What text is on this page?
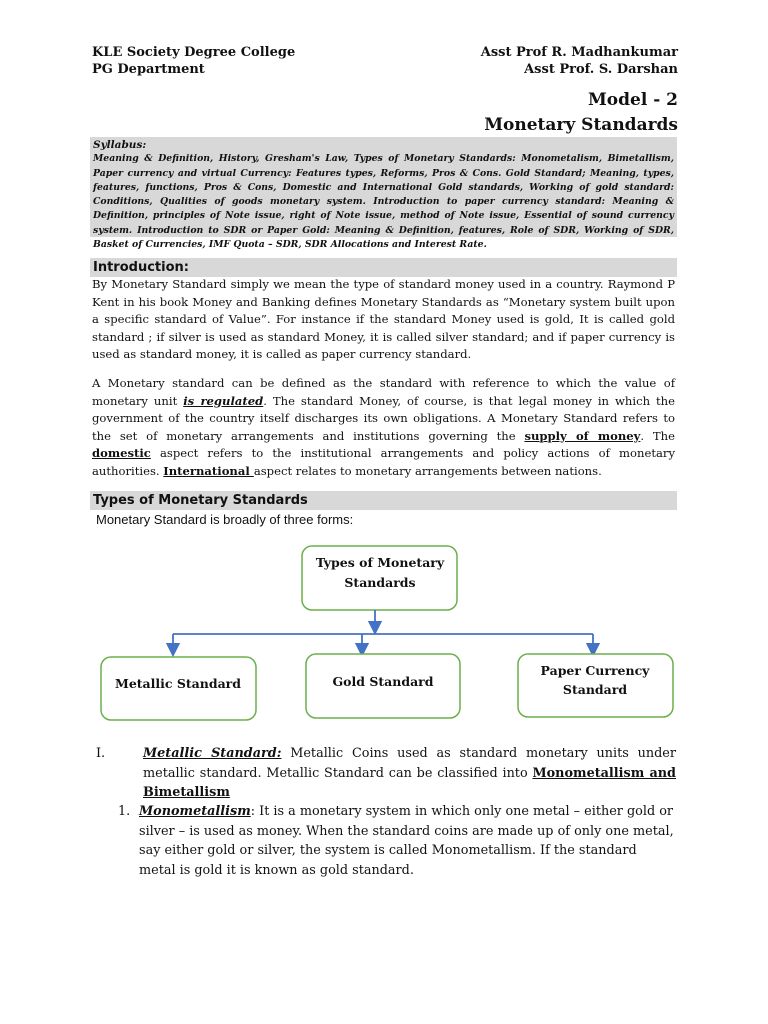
KLE Society Degree College	Asst Prof R. Madhankumar
PG Department	Asst Prof. S. Darshan
Model - 2
Monetary Standards
Syllabus:
Meaning & Definition, History, Gresham's Law, Types of Monetary Standards: Monometalism, Bimetallism, Paper currency and virtual Currency: Features types, Reforms, Pros & Cons. Gold Standard; Meaning, types, features, functions, Pros & Cons, Domestic and International Gold standards, Working of gold standard: Conditions, Qualities of goods monetary system. Introduction to paper currency standard: Meaning & Definition, principles of Note issue, right of Note issue, method of Note issue, Essential of sound currency system. Introduction to SDR or Paper Gold: Meaning & Definition, features, Role of SDR, Working of SDR, Basket of Currencies, IMF Quota – SDR, SDR Allocations and Interest Rate.
Introduction:
By Monetary Standard simply we mean the type of standard money used in a country. Raymond P Kent in his book Money and Banking defines Monetary Standards as “Monetary system built upon a specific standard of Value”. For instance if the standard Money used is gold, It is called gold standard ; if silver is used as standard Money, it is called silver standard; and if paper currency is used as standard money, it is called as paper currency standard.
A Monetary standard can be defined as the standard with reference to which the value of monetary unit is regulated. The standard Money, of course, is that legal money in which the government of the country itself discharges its own obligations. A Monetary Standard refers to the set of monetary arrangements and institutions governing the supply of money. The domestic aspect refers to the institutional arrangements and policy actions of monetary authorities. International aspect relates to monetary arrangements between nations.
Types of Monetary Standards
Monetary Standard is broadly of three forms:
Types of Monetary
Standards
Metallic Standard	Gold Standard
Paper Currency
Standard
I.	Metallic Standard: Metallic Coins used as standard monetary units under metallic standard. Metallic Standard can be classified into Monometallism and Bimetallism
1. Monometallism: It is a monetary system in which only one metal – either gold or silver – is used as money. When the standard coins are made up of only one metal, say either gold or silver, the system is called Monometallism. If the standard metal is gold it is known as gold standard.
